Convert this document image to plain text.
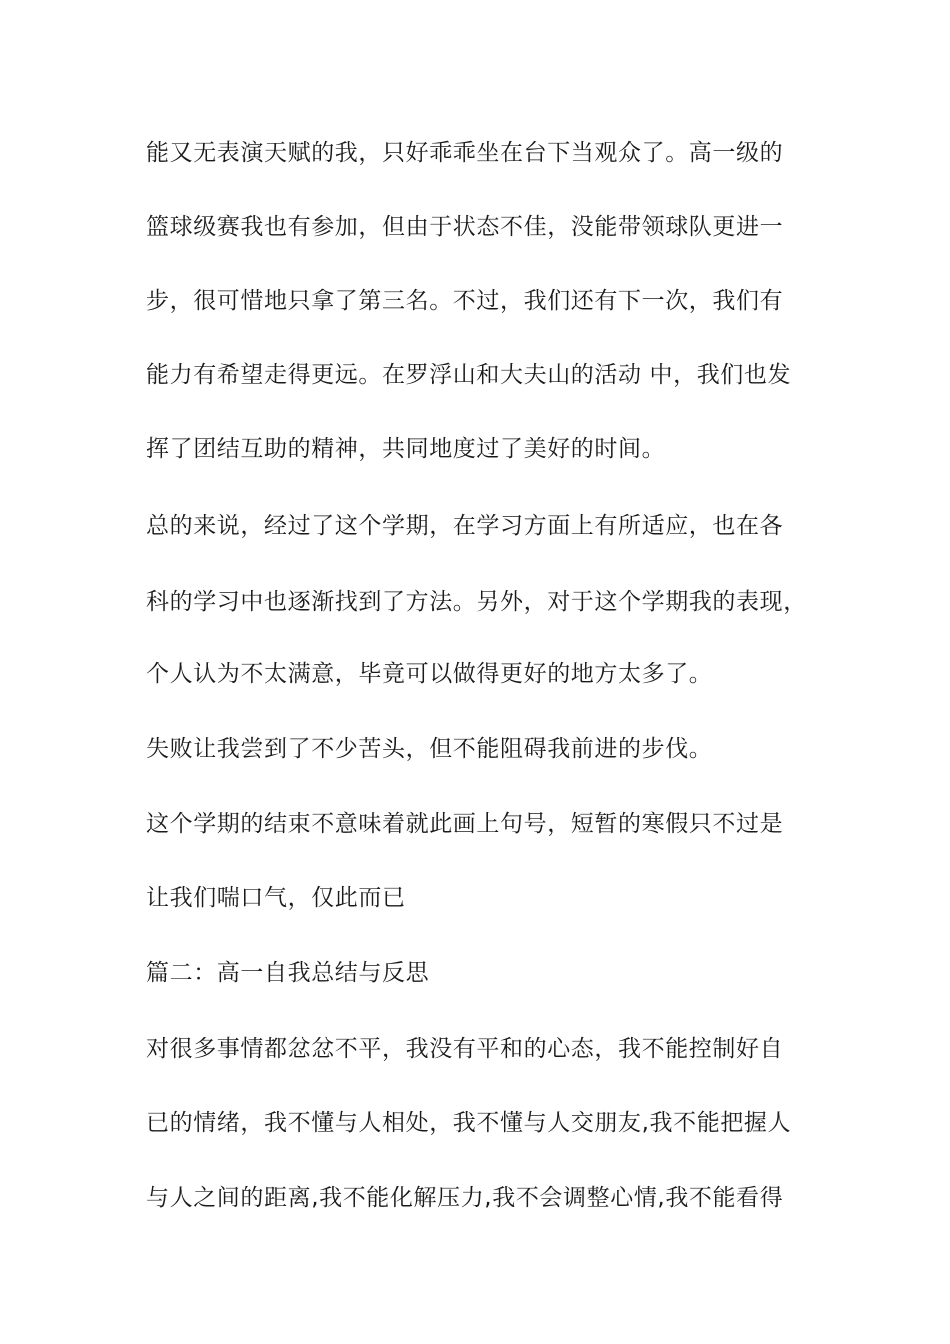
能又无表演天赋的我，只好乖乖坐在台下当观众了。高一级的
篮球级赛我也有参加，但由于状态不佳，没能带领球队更进一
步，很可惜地只拿了第三名。不过，我们还有下一次，我们有
能力有希望走得更远。在罗浮山和大夫山的活动 中，我们也发
挥了团结互助的精神，共同地度过了美好的时间。
总的来说，经过了这个学期，在学习方面上有所适应，也在各
科的学习中也逐渐找到了方法。另外，对于这个学期我的表现，
个人认为不太满意，毕竟可以做得更好的地方太多了。
失败让我尝到了不少苦头，但不能阻碍我前进的步伐。
这个学期的结束不意味着就此画上句号，短暂的寒假只不过是
让我们喘口气，仅此而已
篇二：高一自我总结与反思
对很多事情都忿忿不平，我没有平和的心态，我不能控制好自
已的情绪，我不懂与人相处，我不懂与人交朋友,我不能把握人
与人之间的距离,我不能化解压力,我不会调整心情,我不能看得
